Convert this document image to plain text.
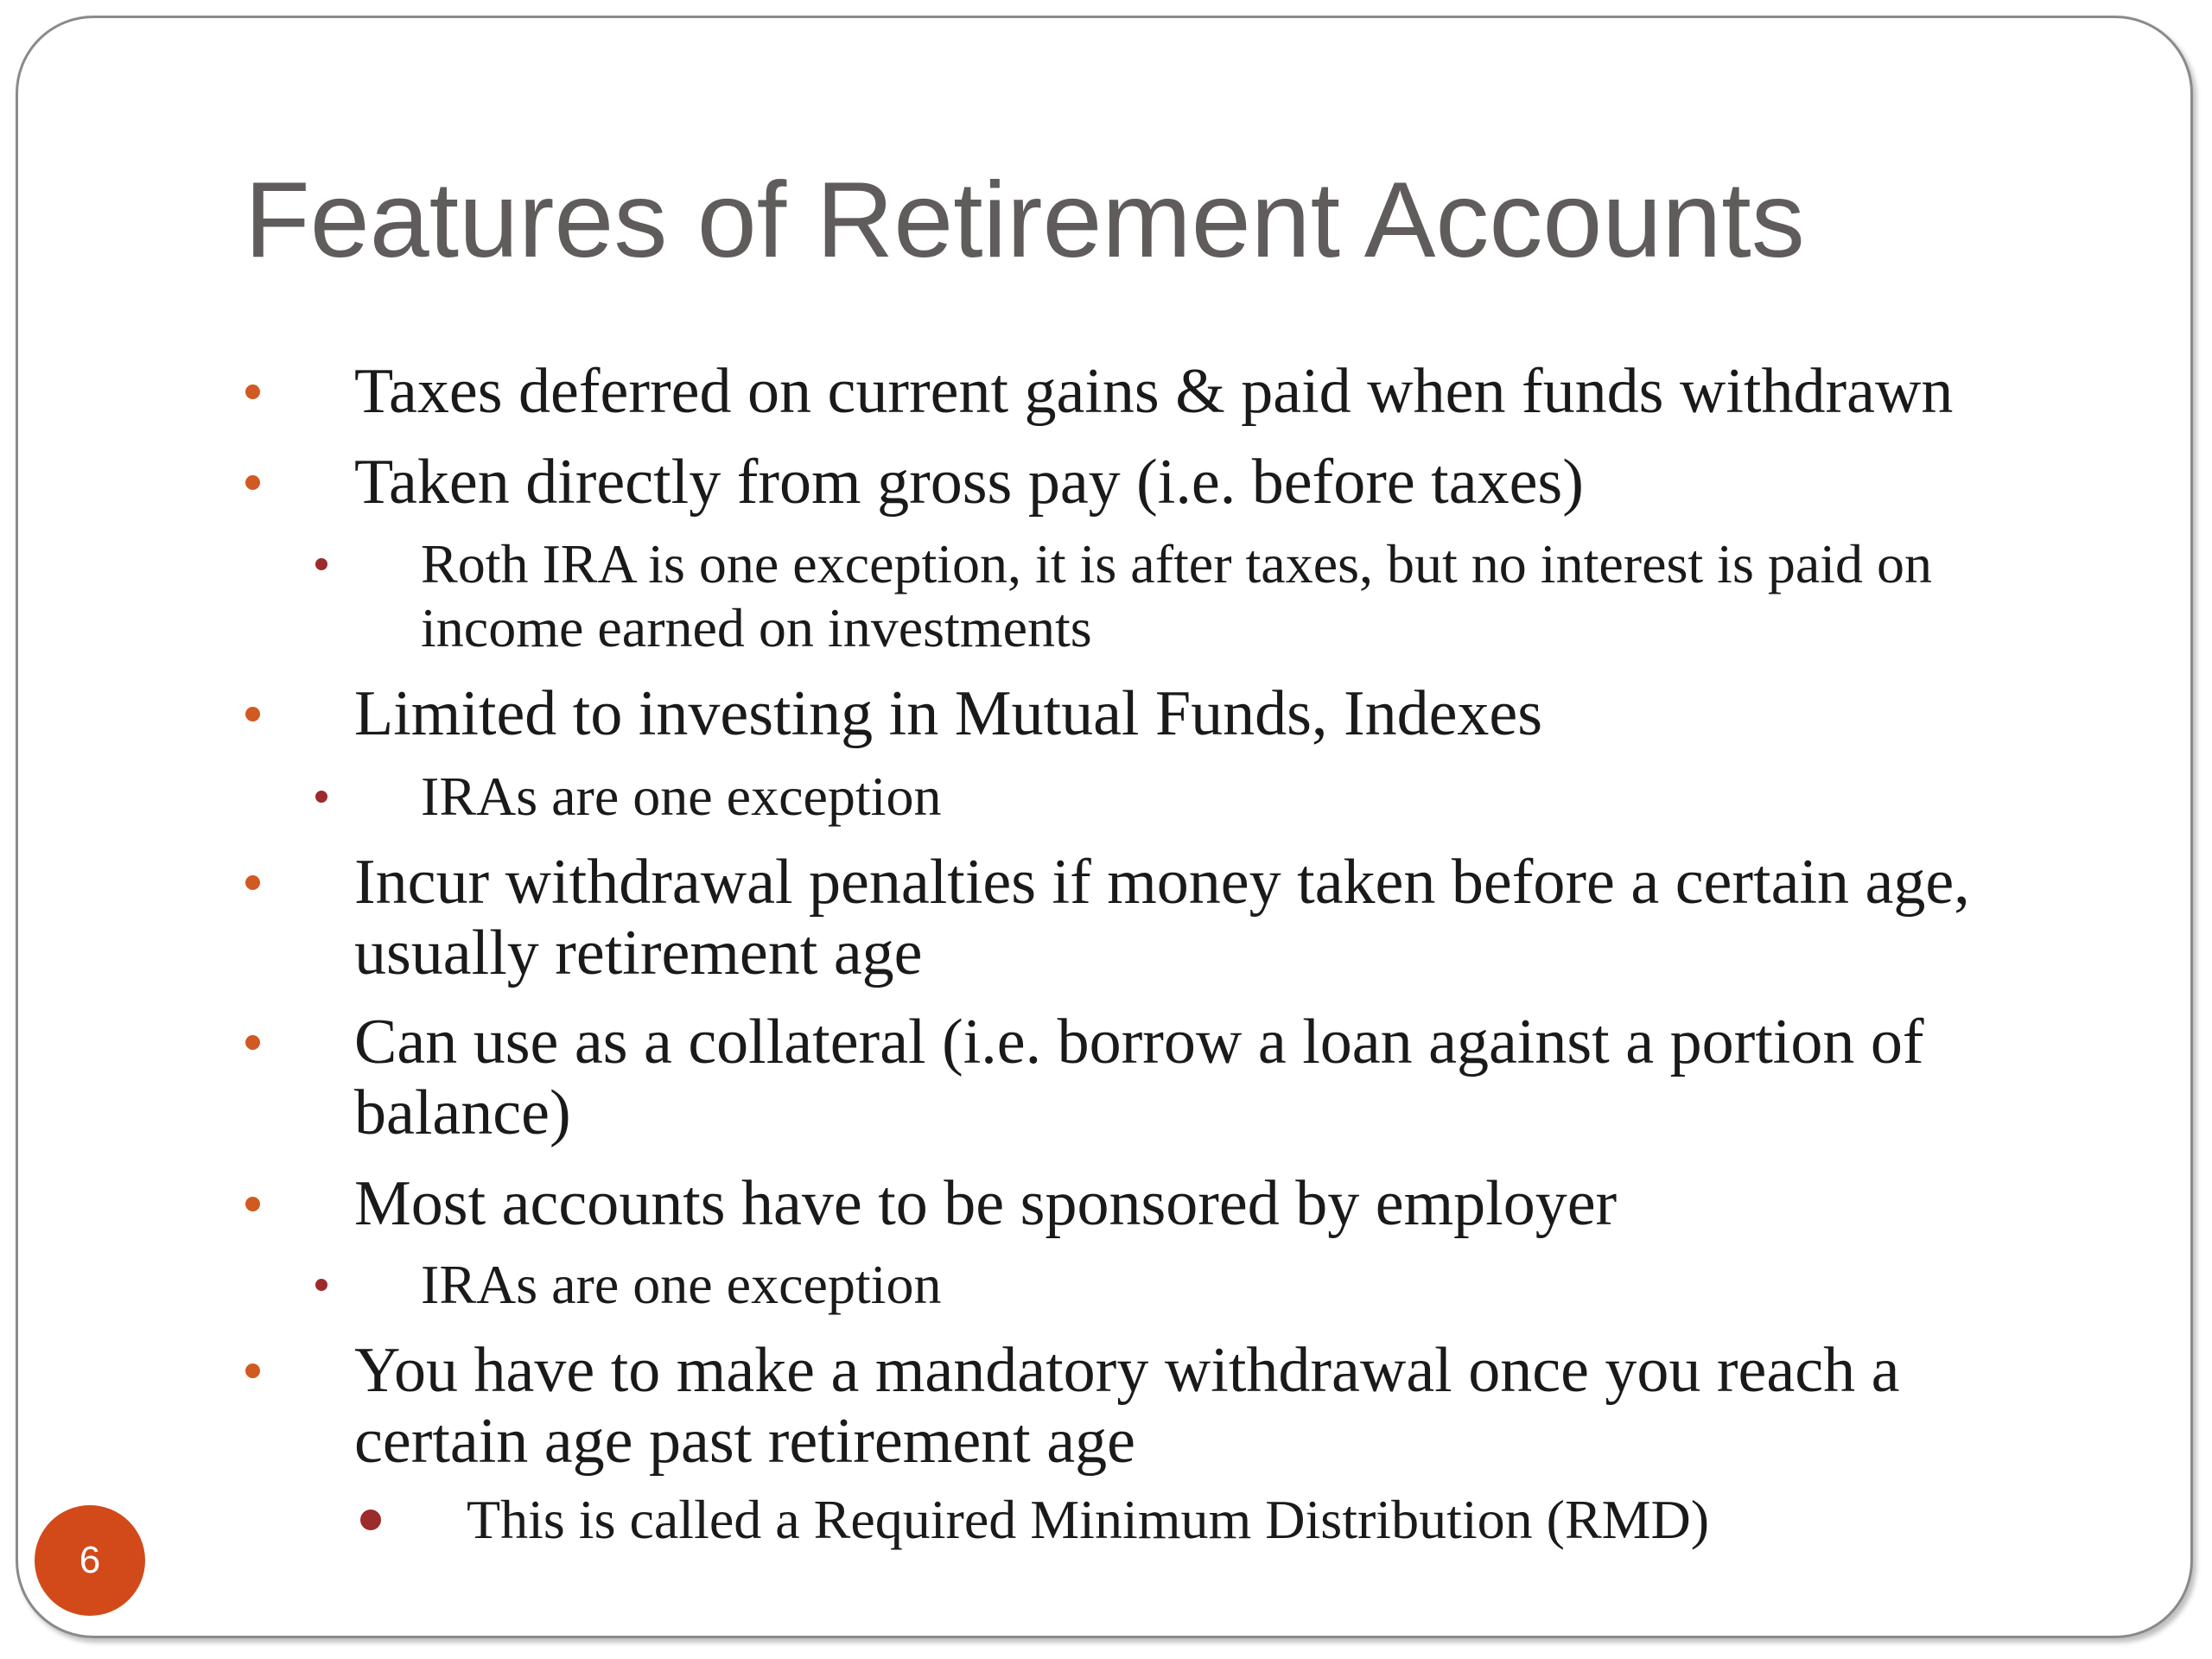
Features of Retirement Accounts
Taxes deferred on current gains & paid when funds withdrawn
Taken directly from gross pay (i.e. before taxes)
Roth IRA is one exception, it is after taxes, but no interest is paid on income earned on investments
Limited to investing in Mutual Funds, Indexes
IRAs are one exception
Incur withdrawal penalties if money taken before a certain age, usually retirement age
Can use as a collateral (i.e. borrow a loan against a portion of balance)
Most accounts have to be sponsored by employer
IRAs are one exception
You have to make a mandatory withdrawal once you reach a certain age past retirement age
This is called a Required Minimum Distribution (RMD)
6
